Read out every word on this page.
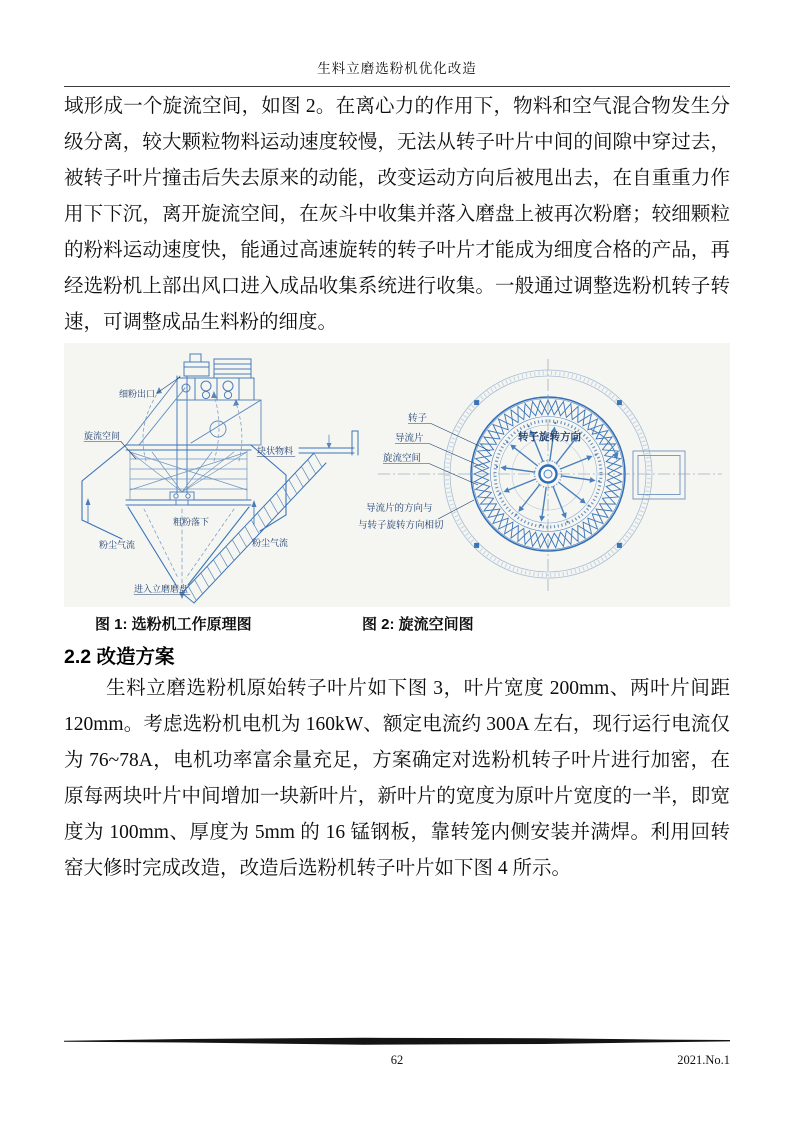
生料立磨选粉机优化改造

域形成一个旋流空间，如图 2。在离心力的作用下，物料和空气混合物发生分级分离，较大颗粒物料运动速度较慢，无法从转子叶片中间的间隙中穿过去，被转子叶片撞击后失去原来的动能，改变运动方向后被甩出去，在自重重力作用下下沉，离开旋流空间，在灰斗中收集并落入磨盘上被再次粉磨；较细颗粒的粉料运动速度快，能通过高速旋转的转子叶片才能成为细度合格的产品，再经选粉机上部出风口进入成品收集系统进行收集。一般通过调整选粉机转子转速，可调整成品生料粉的细度。

细粉出口
旋流空间
块状物料
粗粉落下
粉尘气流	粉尘气流
进入立磨磨盘
转子
导流片
旋流空间
转子旋转方向
导流片的方向与
与转子旋转方向相切
图 1: 选粉机工作原理图	图 2: 旋流空间图
2.2 改造方案

生料立磨选粉机原始转子叶片如下图 3，叶片宽度 200mm、两叶片间距 120mm。考虑选粉机电机为 160kW、额定电流约 300A 左右，现行运行电流仅为 76~78A，电机功率富余量充足，方案确定对选粉机转子叶片进行加密，在原每两块叶片中间增加一块新叶片，新叶片的宽度为原叶片宽度的一半，即宽度为 100mm、厚度为 5mm 的 16 锰钢板，靠转笼内侧安装并满焊。利用回转窑大修时完成改造，改造后选粉机转子叶片如下图 4 所示。

62	2021.No.1
